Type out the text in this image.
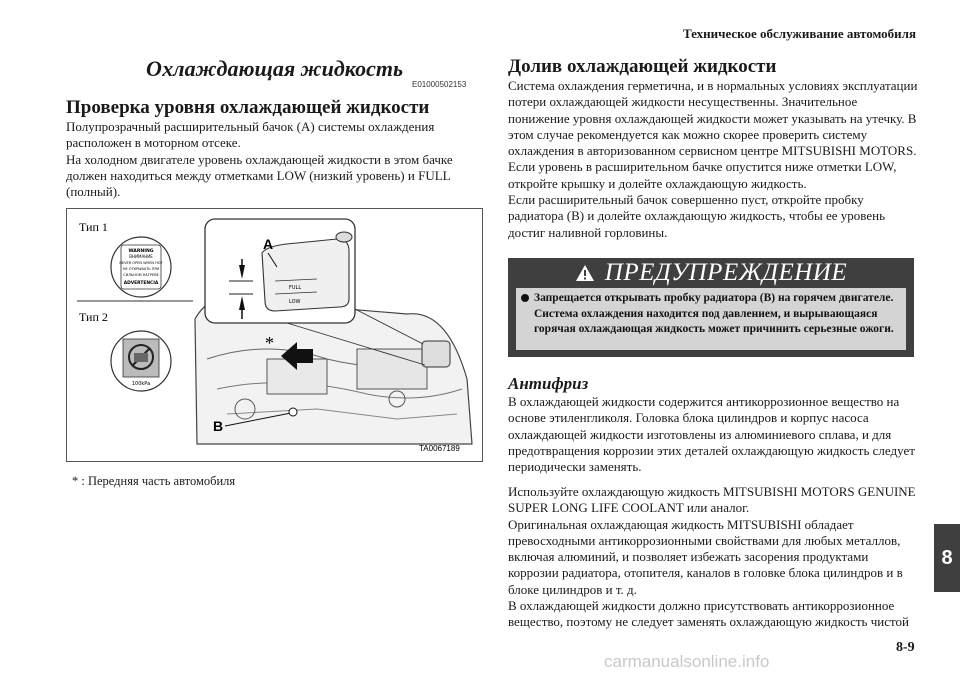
Техническое обслуживание автомобиля
Охлаждающая жидкость
E01000502153
Проверка уровня охлаждающей жидкости

Полупрозрачный расширительный бачок (A) системы охлаждения расположен в моторном отсеке.
На холодном двигателе уровень охлаждающей жидкости в этом бачке должен находиться между отметками LOW (низкий уровень) и FULL (полный).

Тип 1
Тип 2
WARNING
ВНИМАНИЕ
NEVER OPEN WHEN HOT
НЕ ОТКРЫВАТЬ ПРИ
СИЛЬНОМ НАГРЕВЕ
ADVERTENCIA
100kPa
FULL
LOW
A
*
B
TA0067189
* : Передняя часть автомобиля
Долив охлаждающей жидкости

Система охлаждения герметична, и в нормальных условиях эксплуатации потери охлаждающей жидкости несущественны. Значительное понижение уровня охлаждающей жидкости может указывать на утечку. В этом случае рекомендуется как можно скорее проверить систему охлаждения в авторизованном сервисном центре MITSUBISHI MOTORS.
Если уровень в расширительном бачке опустится ниже отметки LOW, откройте крышку и долейте охлаждающую жидкость.
Если расширительный бачок совершенно пуст, откройте пробку радиатора (B) и долейте охлаждающую жидкость, чтобы ее уровень достиг наливной горловины.

ПРЕДУПРЕЖДЕНИЕ
Запрещается открывать пробку радиатора (B) на горячем двигателе. Система охлаждения находится под давлением, и вырывающаяся горячая охлаждающая жидкость может причинить серьезные ожоги.
Антифриз

В охлаждающей жидкости содержится антикоррозионное вещество на основе этиленгликоля. Головка блока цилиндров и корпус насоса охлаждающей жидкости изготовлены из алюминиевого сплава, и для предотвращения коррозии этих деталей охлаждающую жидкость следует периодически заменять.

Используйте охлаждающую жидкость MITSUBISHI MOTORS GENUINE SUPER LONG LIFE COOLANT или аналог.
Оригинальная охлаждающая жидкость MITSUBISHI обладает превосходными антикоррозионными свойствами для любых металлов, включая алюминий, и позволяет избежать засорения продуктами коррозии радиатора, отопителя, каналов в головке блока цилиндров и в блоке цилиндров и т. д.
В охлаждающей жидкости должно присутствовать антикоррозионное вещество, поэтому не следует заменять охлаждающую жидкость чистой

8
8-9
carmanualsonline.info
